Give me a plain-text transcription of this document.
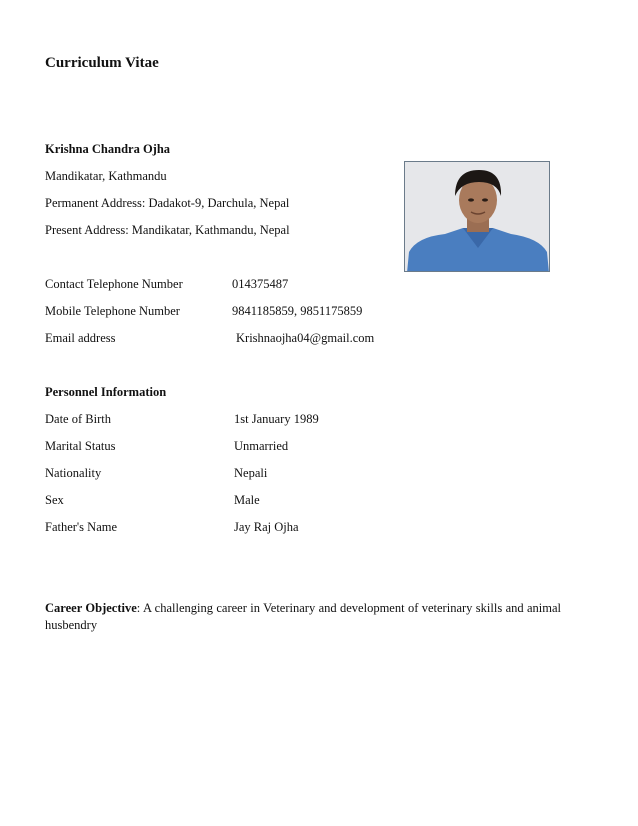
Curriculum Vitae
Krishna Chandra Ojha
Mandikatar, Kathmandu
Permanent Address: Dadakot-9, Darchula, Nepal
Present Address: Mandikatar, Kathmandu, Nepal
Contact Telephone Number	014375487
Mobile Telephone Number	9841185859, 9851175859
Email address	Krishnaojha04@gmail.com
Personnel Information
Date of Birth	1st January 1989
Marital Status	Unmarried
Nationality	Nepali
Sex	Male
Father's Name	Jay Raj Ojha
Career Objective: A challenging career in Veterinary and development of veterinary skills and animal husbendry
